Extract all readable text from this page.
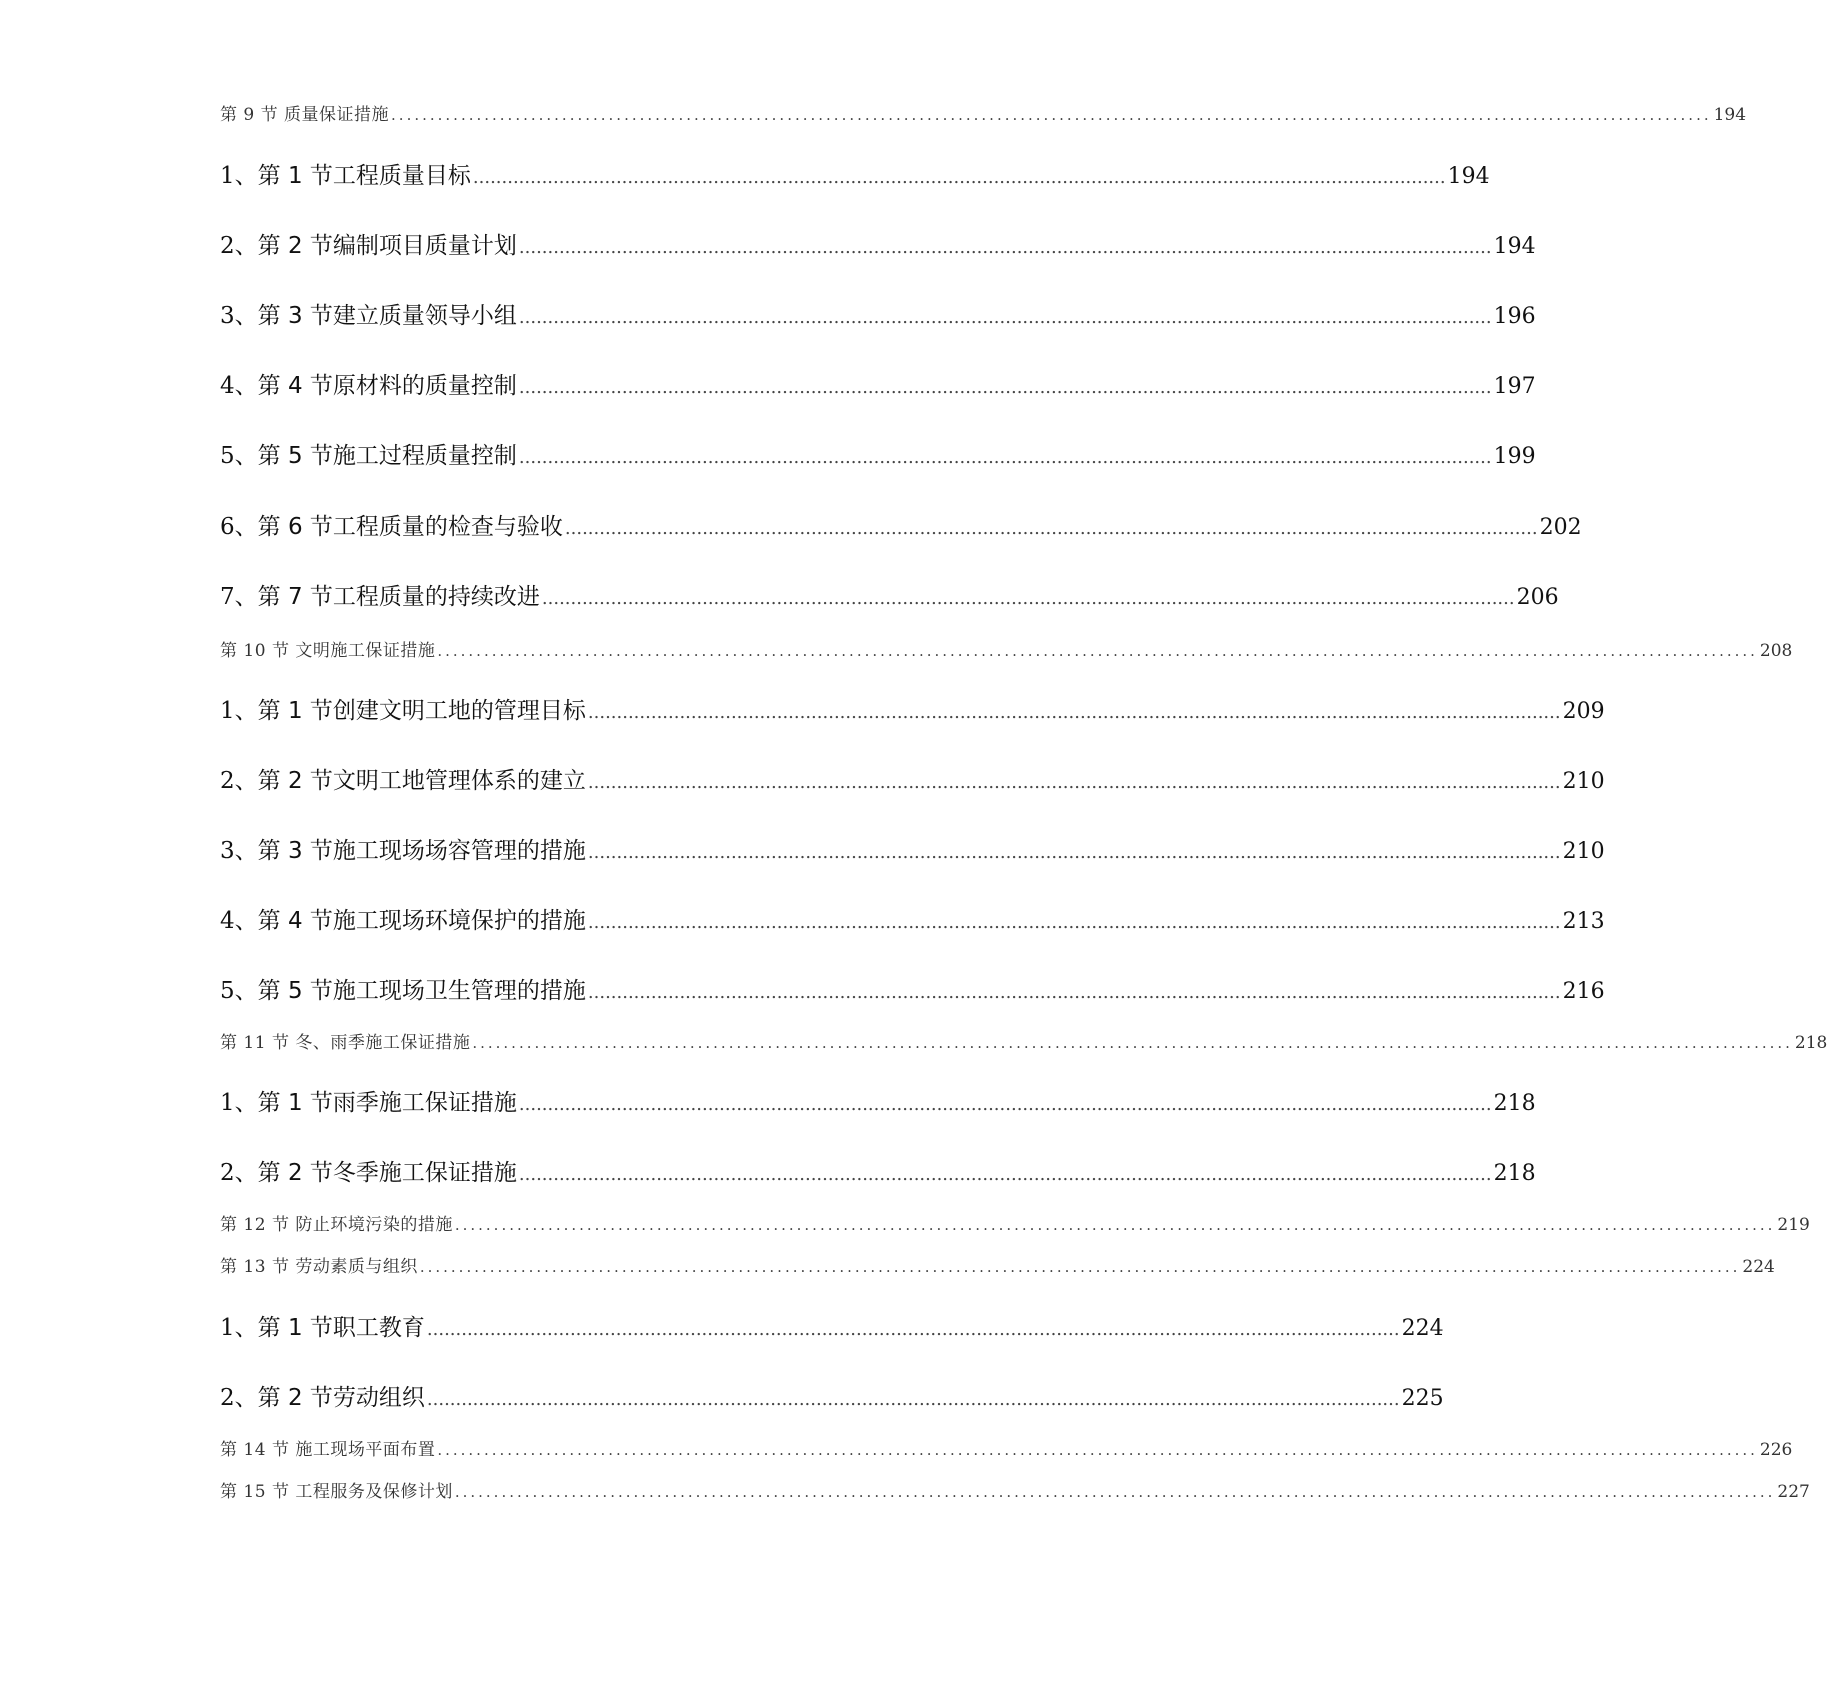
第 9 节 质量保证措施 .......................................................................................................................................................................... 194
1、 第 1 节工程质量目标 .......................................................................................................................................................................... 194
2、 第 2 节编制项目质量计划 .......................................................................................................................................................................... 194
3、 第 3 节建立质量领导小组 .......................................................................................................................................................................... 196
4、 第 4 节原材料的质量控制 .......................................................................................................................................................................... 197
5、 第 5 节施工过程质量控制 .......................................................................................................................................................................... 199
6、 第 6 节工程质量的检查与验收 .......................................................................................................................................................................... 202
7、 第 7 节工程质量的持续改进 .......................................................................................................................................................................... 206
第 10 节 文明施工保证措施 .......................................................................................................................................................................... 208
1、 第 1 节创建文明工地的管理目标 .......................................................................................................................................................................... 209
2、 第 2 节文明工地管理体系的建立 .......................................................................................................................................................................... 210
3、 第 3 节施工现场场容管理的措施 .......................................................................................................................................................................... 210
4、 第 4 节施工现场环境保护的措施 .......................................................................................................................................................................... 213
5、 第 5 节施工现场卫生管理的措施 .......................................................................................................................................................................... 216
第 11 节 冬、雨季施工保证措施 .......................................................................................................................................................................... 218
1、 第 1 节雨季施工保证措施 .......................................................................................................................................................................... 218
2、 第 2 节冬季施工保证措施 .......................................................................................................................................................................... 218
第 12 节 防止环境污染的措施 .......................................................................................................................................................................... 219
第 13 节 劳动素质与组织 .......................................................................................................................................................................... 224
1、 第 1 节职工教育 .......................................................................................................................................................................... 224
2、 第 2 节劳动组织 .......................................................................................................................................................................... 225
第 14 节 施工现场平面布置 .......................................................................................................................................................................... 226
第 15 节 工程服务及保修计划 .......................................................................................................................................................................... 227
